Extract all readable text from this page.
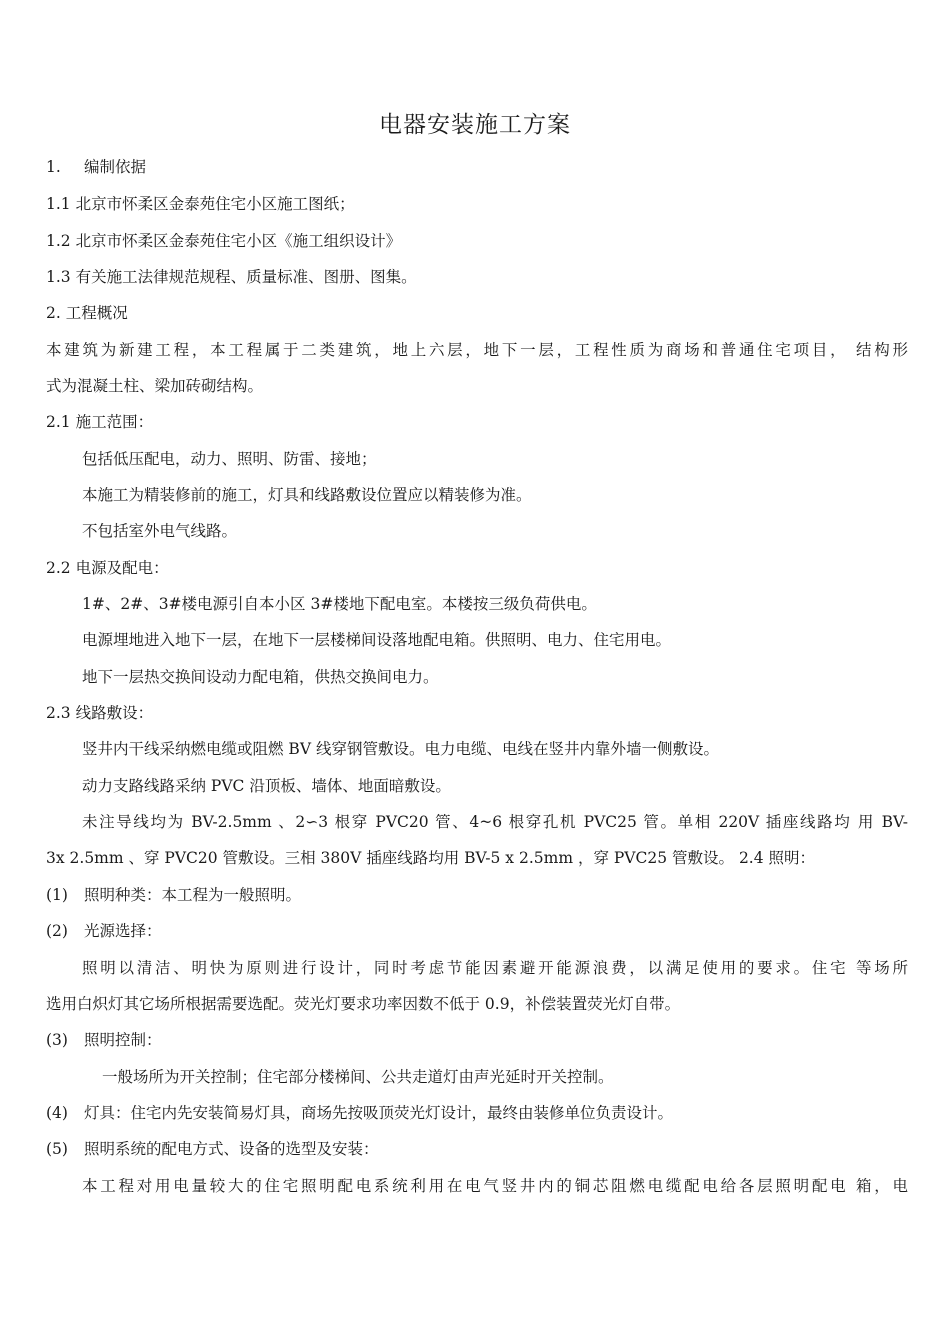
电器安装施工方案

1. 编制依据

1.1 北京市怀柔区金泰苑住宅小区施工图纸；

1.2 北京市怀柔区金泰苑住宅小区《施工组织设计》

1.3 有关施工法律规范规程、质量标准、图册、图集。

2. 工程概况

本建筑为新建工程，本工程属于二类建筑，地上六层，地下一层，工程性质为商场和普通住宅项目， 结构形

式为混凝土柱、梁加砖砌结构。

2.1 施工范围：

包括低压配电，动力、照明、防雷、接地；

本施工为精装修前的施工，灯具和线路敷设位置应以精装修为准。

不包括室外电气线路。

2.2 电源及配电：

1#、2#、3#楼电源引自本小区 3#楼地下配电室。本楼按三级负荷供电。

电源埋地进入地下一层，在地下一层楼梯间设落地配电箱。供照明、电力、住宅用电。

地下一层热交换间设动力配电箱，供热交换间电力。

2.3 线路敷设：

竖井内干线采纳燃电缆或阻燃 BV 线穿钢管敷设。电力电缆、电线在竖井内靠外墙一侧敷设。

动力支路线路采纳 PVC 沿顶板、墙体、地面暗敷设。

未注导线均为 BV-2.5mm 、2∽3 根穿 PVC20 管、4~6 根穿孔机 PVC25 管。单相 220V 插座线路均 用 BV-

3x 2.5mm 、穿 PVC20 管敷设。三相 380V 插座线路均用 BV-5 x 2.5mm ，穿 PVC25 管敷设。 2.4 照明：

(1) 照明种类：本工程为一般照明。

(2) 光源选择：

照明以清洁、明快为原则进行设计，同时考虑节能因素避开能源浪费，以满足使用的要求。住宅 等场所

选用白炽灯其它场所根据需要选配。荧光灯要求功率因数不低于 0.9，补偿装置荧光灯自带。

(3) 照明控制：

一般场所为开关控制；住宅部分楼梯间、公共走道灯由声光延时开关控制。

(4) 灯具：住宅内先安装简易灯具，商场先按吸顶荧光灯设计，最终由装修单位负责设计。

(5) 照明系统的配电方式、设备的选型及安装：

本工程对用电量较大的住宅照明配电系统利用在电气竖井内的铜芯阻燃电缆配电给各层照明配电 箱，电
